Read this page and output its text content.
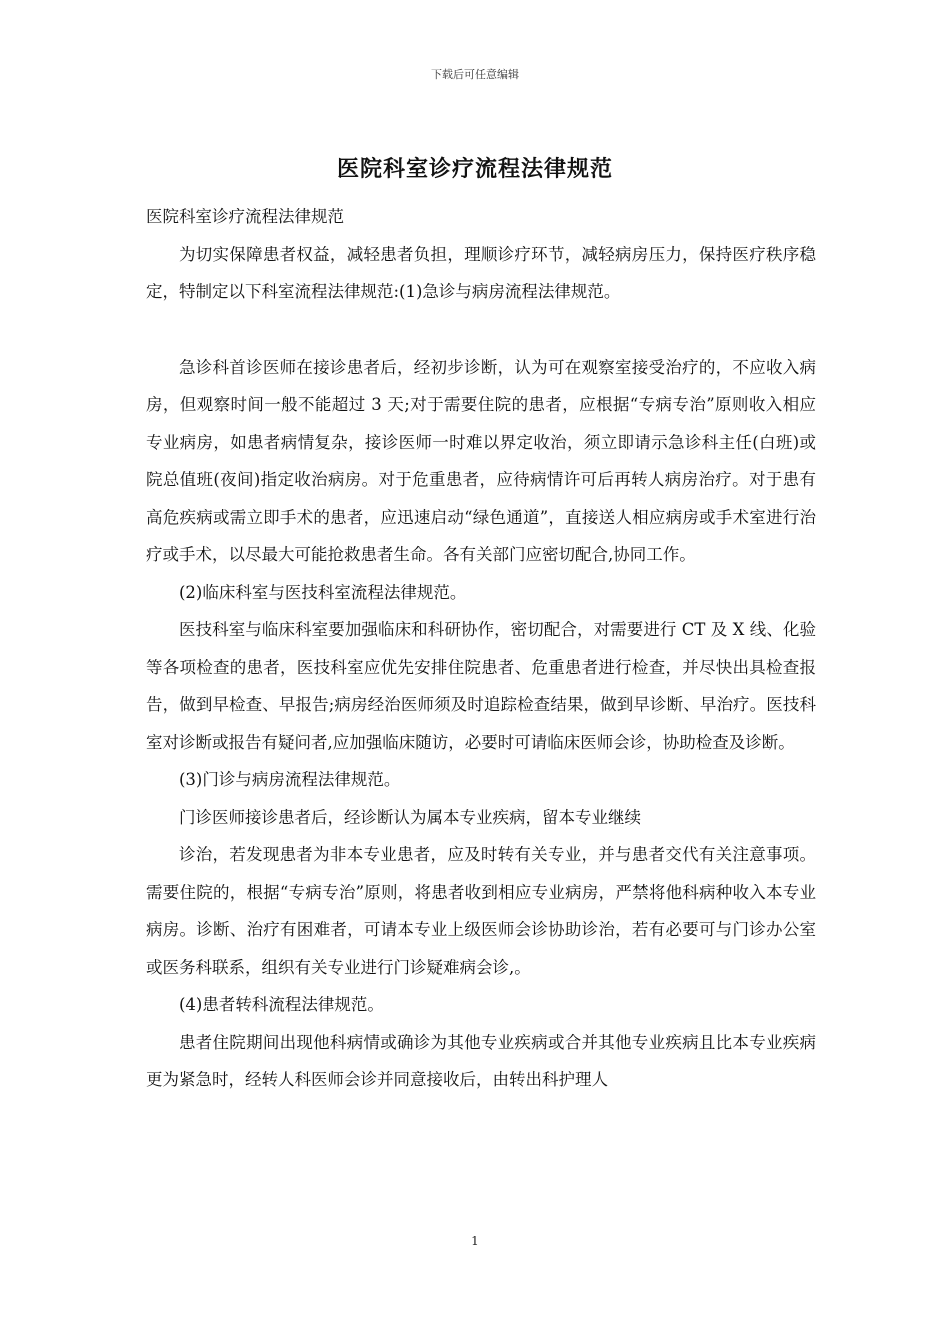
下载后可任意编辑
医院科室诊疗流程法律规范

医院科室诊疗流程法律规范

为切实保障患者权益，减轻患者负担，理顺诊疗环节，减轻病房压力，保持医疗秩序稳定，特制定以下科室流程法律规范:(1)急诊与病房流程法律规范。

急诊科首诊医师在接诊患者后，经初步诊断，认为可在观察室接受治疗的，不应收入病房，但观察时间一般不能超过 3 天;对于需要住院的患者，应根据“专病专治”原则收入相应专业病房，如患者病情复杂，接诊医师一时难以界定收治，须立即请示急诊科主任(白班)或院总值班(夜间)指定收治病房。对于危重患者，应待病情许可后再转人病房治疗。对于患有高危疾病或需立即手术的患者，应迅速启动“绿色通道”，直接送人相应病房或手术室进行治疗或手术，以尽最大可能抢救患者生命。各有关部门应密切配合,协同工作。

(2)临床科室与医技科室流程法律规范。

医技科室与临床科室要加强临床和科研协作，密切配合，对需要进行 CT 及 X 线、化验等各项检查的患者，医技科室应优先安排住院患者、危重患者进行检查，并尽快出具检查报告，做到早检查、早报告;病房经治医师须及时追踪检查结果，做到早诊断、早治疗。医技科室对诊断或报告有疑问者,应加强临床随访，必要时可请临床医师会诊，协助检查及诊断。

(3)门诊与病房流程法律规范。

门诊医师接诊患者后，经诊断认为属本专业疾病，留本专业继续

诊治，若发现患者为非本专业患者，应及时转有关专业，并与患者交代有关注意事项。需要住院的，根据“专病专治”原则，将患者收到相应专业病房，严禁将他科病种收入本专业病房。诊断、治疗有困难者，可请本专业上级医师会诊协助诊治，若有必要可与门诊办公室或医务科联系，组织有关专业进行门诊疑难病会诊,。

(4)患者转科流程法律规范。

患者住院期间出现他科病情或确诊为其他专业疾病或合并其他专业疾病且比本专业疾病更为紧急时，经转人科医师会诊并同意接收后，由转出科护理人

1
